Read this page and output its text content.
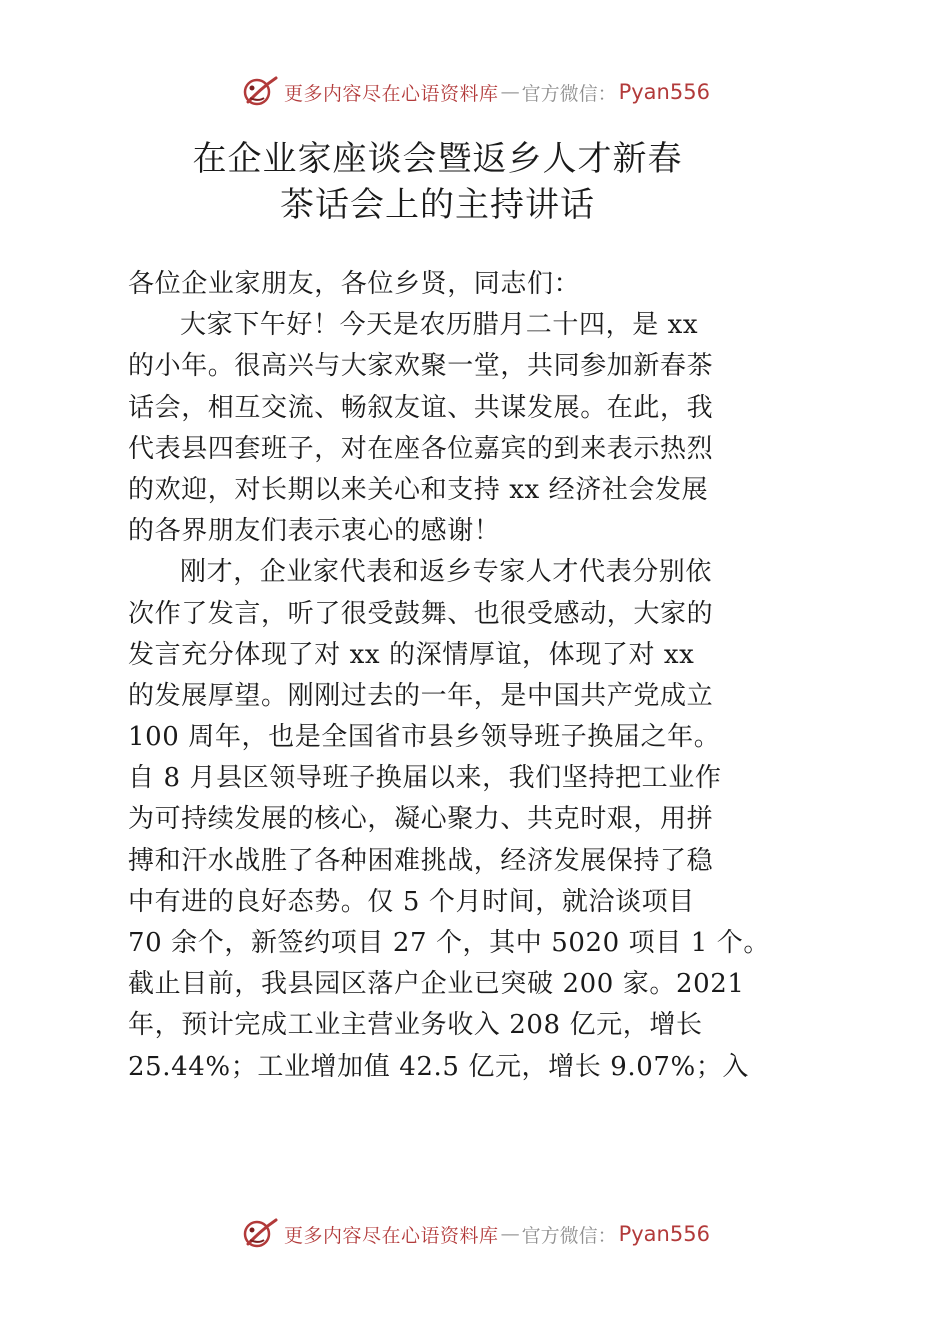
更多内容尽在心语资料库 — 官方微信： Pyan556
在企业家座谈会暨返乡人才新春
茶话会上的主持讲话
各位企业家朋友，各位乡贤，同志们：
大家下午好！今天是农历腊月二十四，是 xx
的小年。很高兴与大家欢聚一堂，共同参加新春茶
话会，相互交流、畅叙友谊、共谋发展。在此，我
代表县四套班子，对在座各位嘉宾的到来表示热烈
的欢迎，对长期以来关心和支持 xx 经济社会发展
的各界朋友们表示衷心的感谢！
刚才，企业家代表和返乡专家人才代表分别依
次作了发言，听了很受鼓舞、也很受感动，大家的
发言充分体现了对 xx 的深情厚谊，体现了对 xx
的发展厚望。刚刚过去的一年，是中国共产党成立
100 周年，也是全国省市县乡领导班子换届之年。
自 8 月县区领导班子换届以来，我们坚持把工业作
为可持续发展的核心，凝心聚力、共克时艰，用拼
搏和汗水战胜了各种困难挑战，经济发展保持了稳
中有进的良好态势。仅 5 个月时间，就洽谈项目
70 余个，新签约项目 27 个，其中 5020 项目 1 个。
截止目前，我县园区落户企业已突破 200 家。2021
年，预计完成工业主营业务收入 208 亿元，增长
25.44%；工业增加值 42.5 亿元，增长 9.07%；入
更多内容尽在心语资料库 — 官方微信： Pyan556
